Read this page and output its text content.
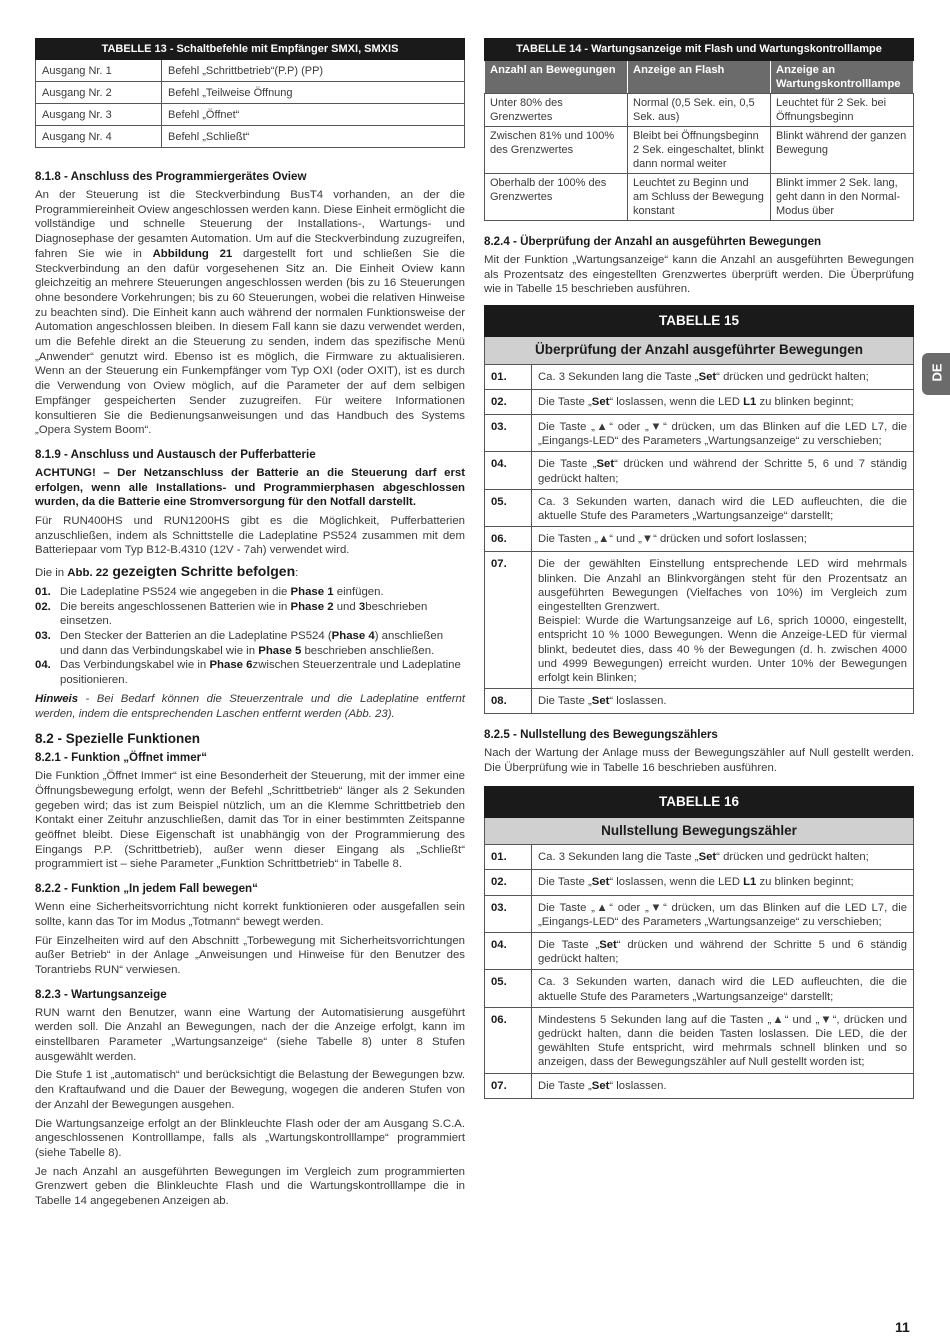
TABELLE 13 - Schaltbefehle mit Empfänger SMXI, SMXIS	
Ausgang Nr. 1	Befehl „Schrittbetrieb“(P.P) (PP)
Ausgang Nr. 2	Befehl „Teilweise Öffnung
Ausgang Nr. 3	Befehl „Öffnet“
Ausgang Nr. 4	Befehl „Schließt“
8.1.8 - Anschluss des Programmiergerätes Oview

An der Steuerung ist die Steckverbindung BusT4 vorhanden, an der die Programmiereinheit Oview angeschlossen werden kann. Diese Einheit ermöglicht die vollständige und schnelle Steuerung der Installations-, Wartungs- und Diagnosephase der gesamten Automation. Um auf die Steckverbindung zuzugreifen, fahren Sie wie in Abbildung 21 dargestellt fort und schließen Sie die Steckverbindung an den dafür vorgesehenen Sitz an. Die Einheit Oview kann gleichzeitig an mehrere Steuerungen angeschlossen werden (bis zu 16 Steuerungen ohne besondere Vorkehrungen; bis zu 60 Steuerungen, wobei die relativen Hinweise zu beachten sind). Die Einheit kann auch während der normalen Funktionsweise der Automation angeschlossen bleiben. In diesem Fall kann sie dazu verwendet werden, um die Befehle direkt an die Steuerung zu senden, indem das spezifische Menü „Anwender“ genutzt wird. Ebenso ist es möglich, die Firmware zu aktualisieren. Wenn an der Steuerung ein Funkempfänger vom Typ OXI (oder OXIT), ist es durch die Verwendung von Oview möglich, auf die Parameter der auf dem selbigen Empfänger gespeicherten Sender zuzugreifen. Für weitere Informationen konsultieren Sie die Bedienungsanweisungen und das Handbuch des Systems „Opera System Boom“.

8.1.9 - Anschluss und Austausch der Pufferbatterie

ACHTUNG! – Der Netzanschluss der Batterie an die Steuerung darf erst erfolgen, wenn alle Installations- und Programmierphasen abgeschlossen wurden, da die Batterie eine Stromversorgung für den Notfall darstellt.

Für RUN400HS und RUN1200HS gibt es die Möglichkeit, Pufferbatterien anzuschließen, indem als Schnittstelle die Ladeplatine PS524 zusammen mit dem Batteriepaar vom Typ B12-B.4310 (12V - 7ah) verwendet wird.

Die in Abb. 22 gezeigten Schritte befolgen:

01. Die Ladeplatine PS524 wie angegeben in die Phase 1 einfügen.
02. Die bereits angeschlossenen Batterien wie in Phase 2 und 3beschrieben einsetzen.
03. Den Stecker der Batterien an die Ladeplatine PS524 (Phase 4) anschließen und dann das Verbindungskabel wie in Phase 5 beschrieben anschließen.
04. Das Verbindungskabel wie in Phase 6zwischen Steuerzentrale und Ladeplatine positionieren.

Hinweis - Bei Bedarf können die Steuerzentrale und die Ladeplatine entfernt werden, indem die entsprechenden Laschen entfernt werden (Abb. 23).

8.2 - Spezielle Funktionen
8.2.1 - Funktion „Öffnet immer“

Die Funktion „Öffnet Immer“ ist eine Besonderheit der Steuerung, mit der immer eine Öffnungsbewegung erfolgt, wenn der Befehl „Schrittbetrieb“ länger als 2 Sekunden gegeben wird; das ist zum Beispiel nützlich, um an die Klemme Schrittbetrieb den Kontakt einer Zeituhr anzuschließen, damit das Tor in einer bestimmten Zeitspanne geöffnet bleibt. Diese Eigenschaft ist unabhängig von der Programmierung des Eingangs P.P. (Schrittbetrieb), außer wenn dieser Eingang als „Schließt“ programmiert ist – siehe Parameter „Funktion Schrittbetrieb“ in Tabelle 8.

8.2.2 - Funktion „In jedem Fall bewegen“

Wenn eine Sicherheitsvorrichtung nicht korrekt funktionieren oder ausgefallen sein sollte, kann das Tor im Modus „Totmann“ bewegt werden.

Für Einzelheiten wird auf den Abschnitt „Torbewegung mit Sicherheitsvorrichtungen außer Betrieb“ in der Anlage „Anweisungen und Hinweise für den Benutzer des Torantriebs RUN“ verwiesen.

8.2.3 - Wartungsanzeige

RUN warnt den Benutzer, wann eine Wartung der Automatisierung ausgeführt werden soll. Die Anzahl an Bewegungen, nach der die Anzeige erfolgt, kann im einstellbaren Parameter „Wartungsanzeige“ (siehe Tabelle 8) unter 8 Stufen ausgewählt werden.

Die Stufe 1 ist „automatisch“ und berücksichtigt die Belastung der Bewegungen bzw. den Kraftaufwand und die Dauer der Bewegung, wogegen die anderen Stufen von der Anzahl der Bewegungen ausgehen.

Die Wartungsanzeige erfolgt an der Blinkleuchte Flash oder der am Ausgang S.C.A. angeschlossenen Kontrolllampe, falls als „Wartungskontrolllampe“ programmiert (siehe Tabelle 8).

Je nach Anzahl an ausgeführten Bewegungen im Vergleich zum programmierten Grenzwert geben die Blinkleuchte Flash und die Wartungskontrolllampe die in Tabelle 14 angegebenen Anzeigen ab.

TABELLE 14 - Wartungsanzeige mit Flash und Wartungskontrolllampe		
Anzahl an Bewegungen	Anzeige an Flash	Anzeige an Wartungskontrolllampe
Unter 80% des Grenzwertes	Normal (0,5 Sek. ein, 0,5 Sek. aus)	Leuchtet für 2 Sek. bei Öffnungsbeginn
Zwischen 81% und 100% des Grenzwertes	Bleibt bei Öffnungsbeginn 2 Sek. eingeschaltet, blinkt dann normal weiter	Blinkt während der ganzen Bewegung
Oberhalb der 100% des Grenzwertes	Leuchtet zu Beginn und am Schluss der Bewegung konstant	Blinkt immer 2 Sek. lang, geht dann in den Normal-Modus über
8.2.4 - Überprüfung der Anzahl an ausgeführten Bewegungen

Mit der Funktion „Wartungsanzeige“ kann die Anzahl an ausgeführten Bewegungen als Prozentsatz des eingestellten Grenzwertes überprüft werden. Die Überprüfung wie in Tabelle 15 beschrieben ausführen.

TABELLE 15	
Überprüfung der Anzahl ausgeführter Bewegungen	
01.	Ca. 3 Sekunden lang die Taste „Set“ drücken und gedrückt halten;
02.	Die Taste „Set“ loslassen, wenn die LED L1 zu blinken beginnt;
03.	Die Taste „▲“ oder „▼“ drücken, um das Blinken auf die LED L7, die „Eingangs-LED“ des Parameters „Wartungsanzeige“ zu verschieben;
04.	Die Taste „Set“ drücken und während der Schritte 5, 6 und 7 ständig gedrückt halten;
05.	Ca. 3 Sekunden warten, danach wird die LED aufleuchten, die die aktuelle Stufe des Parameters „Wartungsanzeige“ darstellt;
06.	Die Tasten „▲“ und „▼“ drücken und sofort loslassen;
07.	Die der gewählten Einstellung entsprechende LED wird mehrmals blinken. Die Anzahl an Blinkvorgängen steht für den Prozentsatz an ausgeführten Bewegungen (Vielfaches von 10%) im Vergleich zum eingestellten Grenzwert.
Beispiel: Wurde die Wartungsanzeige auf L6, sprich 10000, eingestellt, entspricht 10 % 1000 Bewegungen. Wenn die Anzeige-LED für viermal blinkt, bedeutet dies, dass 40 % der Bewegungen (d. h. zwischen 4000 und 4999 Bewegungen) erreicht wurden. Unter 10% der Bewegungen erfolgt kein Blinken;

08.	Die Taste „Set“ loslassen.
8.2.5 - Nullstellung des Bewegungszählers

Nach der Wartung der Anlage muss der Bewegungszähler auf Null gestellt werden. Die Überprüfung wie in Tabelle 16 beschrieben ausführen.

TABELLE 16	
Nullstellung Bewegungszähler	
01.	Ca. 3 Sekunden lang die Taste „Set“ drücken und gedrückt halten;
02.	Die Taste „Set“ loslassen, wenn die LED L1 zu blinken beginnt;
03.	Die Taste „▲“ oder „▼“ drücken, um das Blinken auf die LED L7, die „Eingangs-LED“ des Parameters „Wartungsanzeige“ zu verschieben;
04.	Die Taste „Set“ drücken und während der Schritte 5 und 6 ständig gedrückt halten;
05.	Ca. 3 Sekunden warten, danach wird die LED aufleuchten, die die aktuelle Stufe des Parameters „Wartungsanzeige“ darstellt;
06.	Mindestens 5 Sekunden lang auf die Tasten „▲“ und „▼“, drücken und gedrückt halten, dann die beiden Tasten loslassen. Die LED, die der gewählten Stufe entspricht, wird mehrmals schnell blinken und so anzeigen, dass der Bewegungszähler auf Null gestellt worden ist;
07.	Die Taste „Set“ loslassen.
DE
11
